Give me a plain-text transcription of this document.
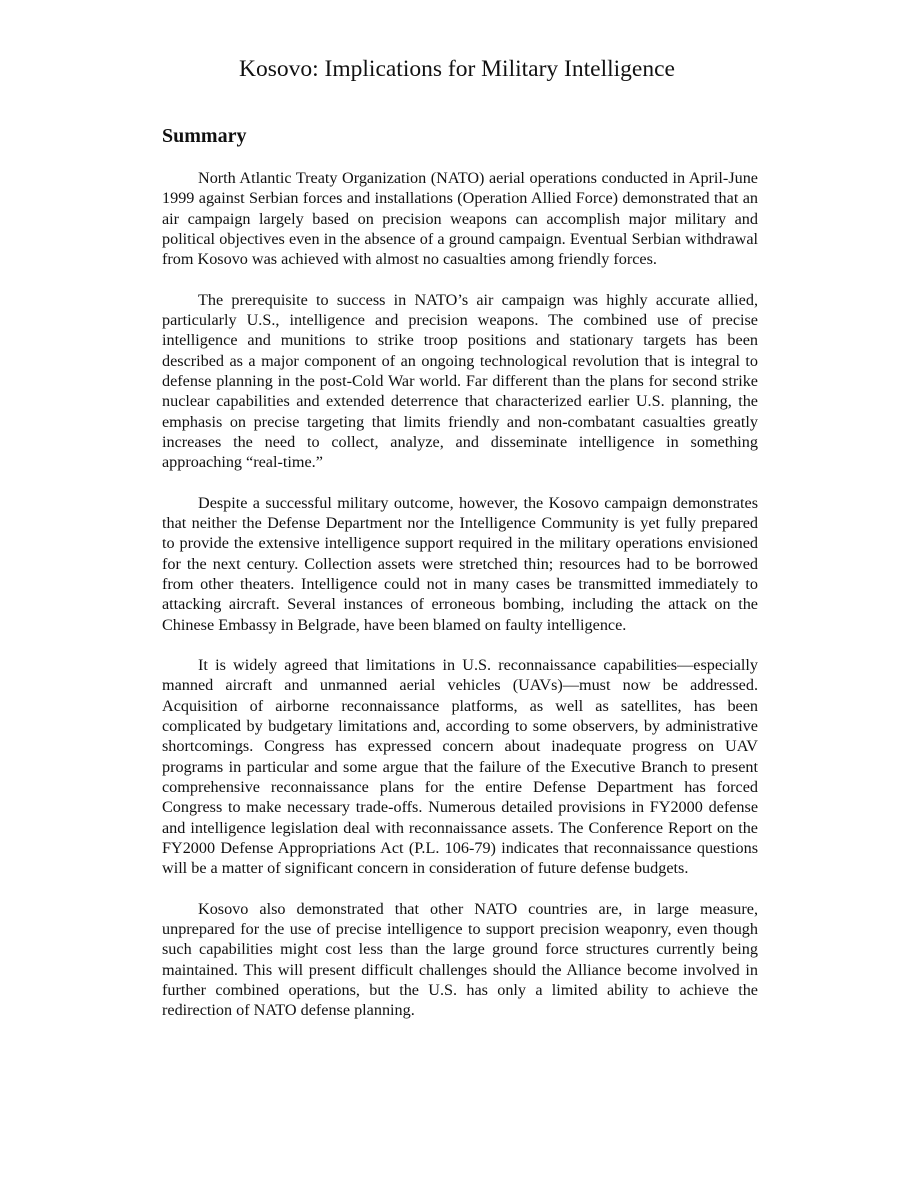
Kosovo: Implications for Military Intelligence
Summary

North Atlantic Treaty Organization (NATO) aerial operations conducted in April-June 1999 against Serbian forces and installations (Operation Allied Force) demonstrated that an air campaign largely based on precision weapons can accomplish major military and political objectives even in the absence of a ground campaign. Eventual Serbian withdrawal from Kosovo was achieved with almost no casualties among friendly forces.

The prerequisite to success in NATO’s air campaign was highly accurate allied, particularly U.S., intelligence and precision weapons. The combined use of precise intelligence and munitions to strike troop positions and stationary targets has been described as a major component of an ongoing technological revolution that is integral to defense planning in the post-Cold War world. Far different than the plans for second strike nuclear capabilities and extended deterrence that characterized earlier U.S. planning, the emphasis on precise targeting that limits friendly and non-combatant casualties greatly increases the need to collect, analyze, and disseminate intelligence in something approaching “real-time.”

Despite a successful military outcome, however, the Kosovo campaign demonstrates that neither the Defense Department nor the Intelligence Community is yet fully prepared to provide the extensive intelligence support required in the military operations envisioned for the next century. Collection assets were stretched thin; resources had to be borrowed from other theaters. Intelligence could not in many cases be transmitted immediately to attacking aircraft. Several instances of erroneous bombing, including the attack on the Chinese Embassy in Belgrade, have been blamed on faulty intelligence.

It is widely agreed that limitations in U.S. reconnaissance capabilities—especially manned aircraft and unmanned aerial vehicles (UAVs)—must now be addressed. Acquisition of airborne reconnaissance platforms, as well as satellites, has been complicated by budgetary limitations and, according to some observers, by administrative shortcomings. Congress has expressed concern about inadequate progress on UAV programs in particular and some argue that the failure of the Executive Branch to present comprehensive reconnaissance plans for the entire Defense Department has forced Congress to make necessary trade-offs. Numerous detailed provisions in FY2000 defense and intelligence legislation deal with reconnaissance assets. The Conference Report on the FY2000 Defense Appropriations Act (P.L. 106-79) indicates that reconnaissance questions will be a matter of significant concern in consideration of future defense budgets.

Kosovo also demonstrated that other NATO countries are, in large measure, unprepared for the use of precise intelligence to support precision weaponry, even though such capabilities might cost less than the large ground force structures currently being maintained. This will present difficult challenges should the Alliance become involved in further combined operations, but the U.S. has only a limited ability to achieve the redirection of NATO defense planning.
